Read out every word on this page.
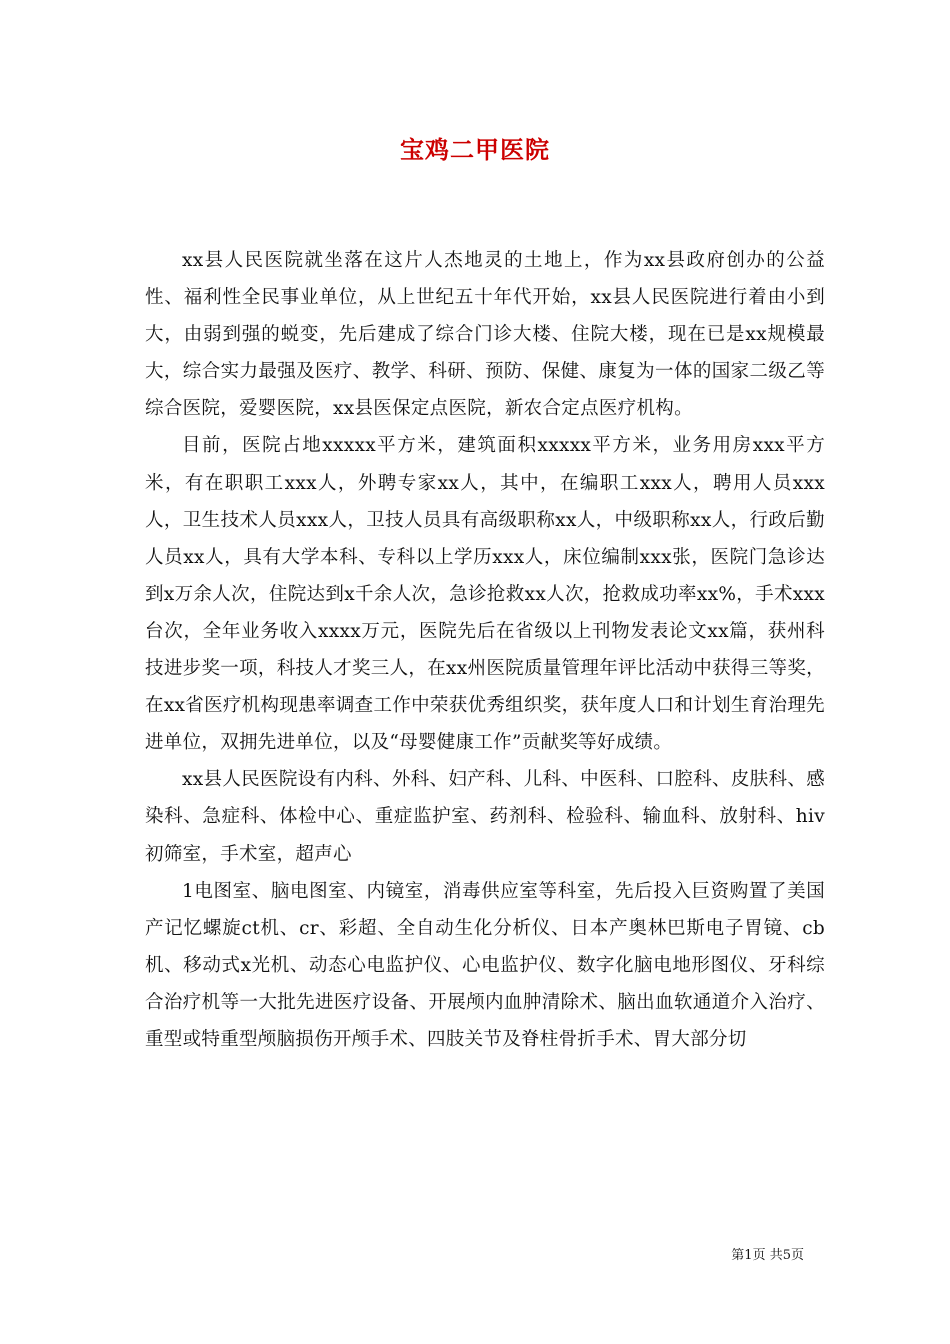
宝鸡二甲医院

xx县人民医院就坐落在这片人杰地灵的土地上，作为xx县政府创办的公益性、福利性全民事业单位，从上世纪五十年代开始，xx县人民医院进行着由小到大，由弱到强的蜕变，先后建成了综合门诊大楼、住院大楼，现在已是xx规模最大，综合实力最强及医疗、教学、科研、预防、保健、康复为一体的国家二级乙等综合医院，爱婴医院，xx县医保定点医院，新农合定点医疗机构。

目前，医院占地xxxxx平方米，建筑面积xxxxx平方米，业务用房xxx平方米，有在职职工xxx人，外聘专家xx人，其中，在编职工xxx人，聘用人员xxx人，卫生技术人员xxx人，卫技人员具有高级职称xx人，中级职称xx人，行政后勤人员xx人，具有大学本科、专科以上学历xxx人，床位编制xxx张，医院门急诊达到x万余人次，住院达到x千余人次，急诊抢救xx人次，抢救成功率xx%，手术xxx台次，全年业务收入xxxx万元，医院先后在省级以上刊物发表论文xx篇，获州科技进步奖一项，科技人才奖三人，在xx州医院质量管理年评比活动中获得三等奖，在xx省医疗机构现患率调查工作中荣获优秀组织奖，获年度人口和计划生育治理先进单位，双拥先进单位，以及“母婴健康工作”贡献奖等好成绩。

xx县人民医院设有内科、外科、妇产科、儿科、中医科、口腔科、皮肤科、感染科、急症科、体检中心、重症监护室、药剂科、检验科、输血科、放射科、hiv初筛室，手术室，超声心

1电图室、脑电图室、内镜室，消毒供应室等科室，先后投入巨资购置了美国产记忆螺旋ct机、cr、彩超、全自动生化分析仪、日本产奥林巴斯电子胃镜、cb机、移动式x光机、动态心电监护仪、心电监护仪、数字化脑电地形图仪、牙科综合治疗机等一大批先进医疗设备、开展颅内血肿清除术、脑出血软通道介入治疗、重型或特重型颅脑损伤开颅手术、四肢关节及脊柱骨折手术、胃大部分切

第1页 共5页
